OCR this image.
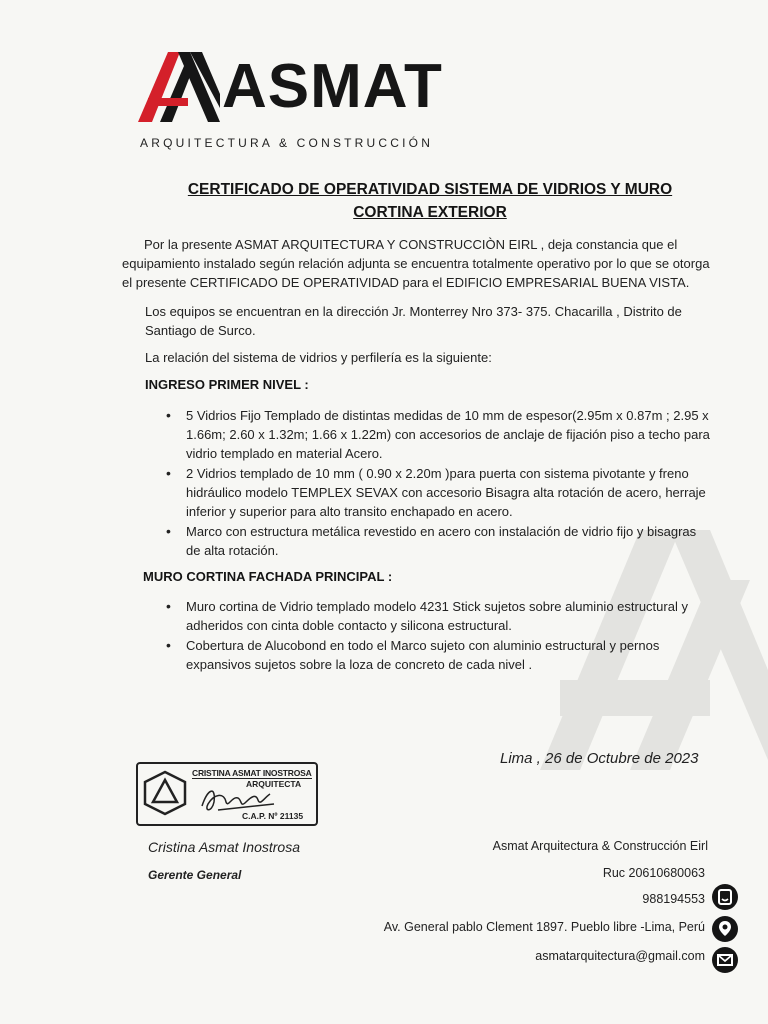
ASMAT
ARQUITECTURA & CONSTRUCCIÓN
CERTIFICADO DE OPERATIVIDAD SISTEMA DE VIDRIOS Y MURO
CORTINA EXTERIOR
Por la presente ASMAT ARQUITECTURA Y CONSTRUCCIÒN EIRL , deja constancia que el equipamiento instalado según relación adjunta se encuentra totalmente operativo por lo que se otorga el presente CERTIFICADO DE OPERATIVIDAD para el EDIFICIO EMPRESARIAL BUENA VISTA.
Los equipos se encuentran en la dirección Jr. Monterrey Nro 373- 375. Chacarilla , Distrito de Santiago de Surco.
La relación del sistema de vidrios y perfilería es la siguiente:
INGRESO PRIMER NIVEL :
• 5 Vidrios Fijo Templado de distintas medidas de 10 mm de espesor(2.95m x 0.87m ; 2.95 x 1.66m; 2.60 x 1.32m; 1.66 x 1.22m) con accesorios de anclaje de fijación piso a techo para vidrio templado en material Acero.
• 2 Vidrios templado de 10 mm ( 0.90 x 2.20m )para puerta con sistema pivotante y freno hidráulico modelo TEMPLEX SEVAX con accesorio Bisagra alta rotación de acero, herraje inferior y superior para alto transito enchapado en acero.
• Marco con estructura metálica revestido en acero con instalación de vidrio fijo y bisagras de alta rotación.
MURO CORTINA FACHADA PRINCIPAL :
• Muro cortina de Vidrio templado modelo 4231 Stick sujetos sobre aluminio estructural y adheridos con cinta doble contacto y silicona estructural.
• Cobertura de Alucobond en todo el Marco sujeto con aluminio estructural y pernos expansivos sujetos sobre la loza de concreto de cada nivel .
Lima , 26 de Octubre de 2023
CRISTINA ASMAT INOSTROSA
ARQUITECTA
C.A.P. Nº 21135
Cristina Asmat Inostrosa
Gerente General
Asmat Arquitectura & Construcción Eirl
Ruc 20610680063
988194553
Av. General pablo Clement 1897. Pueblo libre -Lima, Perú
asmatarquitectura@gmail.com
